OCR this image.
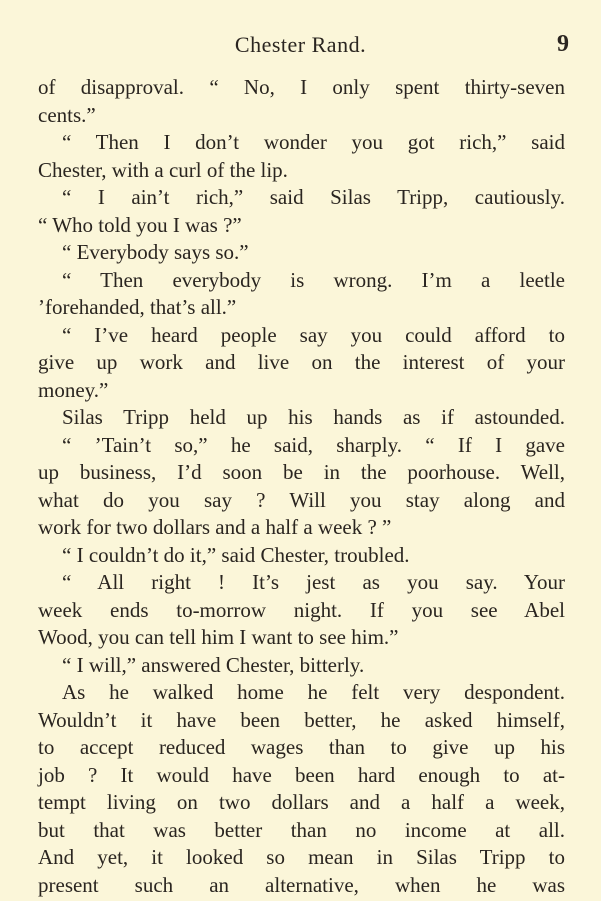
Chester Rand.	9
of disapproval. “ No, I only spent thirty-seven
cents.”
“ Then I don’t wonder you got rich,” said
Chester, with a curl of the lip.
“ I ain’t rich,” said Silas Tripp, cautiously.
“ Who told you I was ?”
“ Everybody says so.”
“ Then everybody is wrong. I’m a leetle
’forehanded, that’s all.”
“ I’ve heard people say you could afford to
give up work and live on the interest of your
money.”
Silas Tripp held up his hands as if astounded.
“ ’Tain’t so,” he said, sharply. “ If I gave
up business, I’d soon be in the poorhouse. Well,
what do you say ? Will you stay along and
work for two dollars and a half a week ? ”
“ I couldn’t do it,” said Chester, troubled.
“ All right ! It’s jest as you say. Your
week ends to-morrow night. If you see Abel
Wood, you can tell him I want to see him.”
“ I will,” answered Chester, bitterly.
As he walked home he felt very despondent.
Wouldn’t it have been better, he asked himself,
to accept reduced wages than to give up his
job ? It would have been hard enough to at-
tempt living on two dollars and a half a week,
but that was better than no income at all.
And yet, it looked so mean in Silas Tripp to
present such an alternative, when he was
